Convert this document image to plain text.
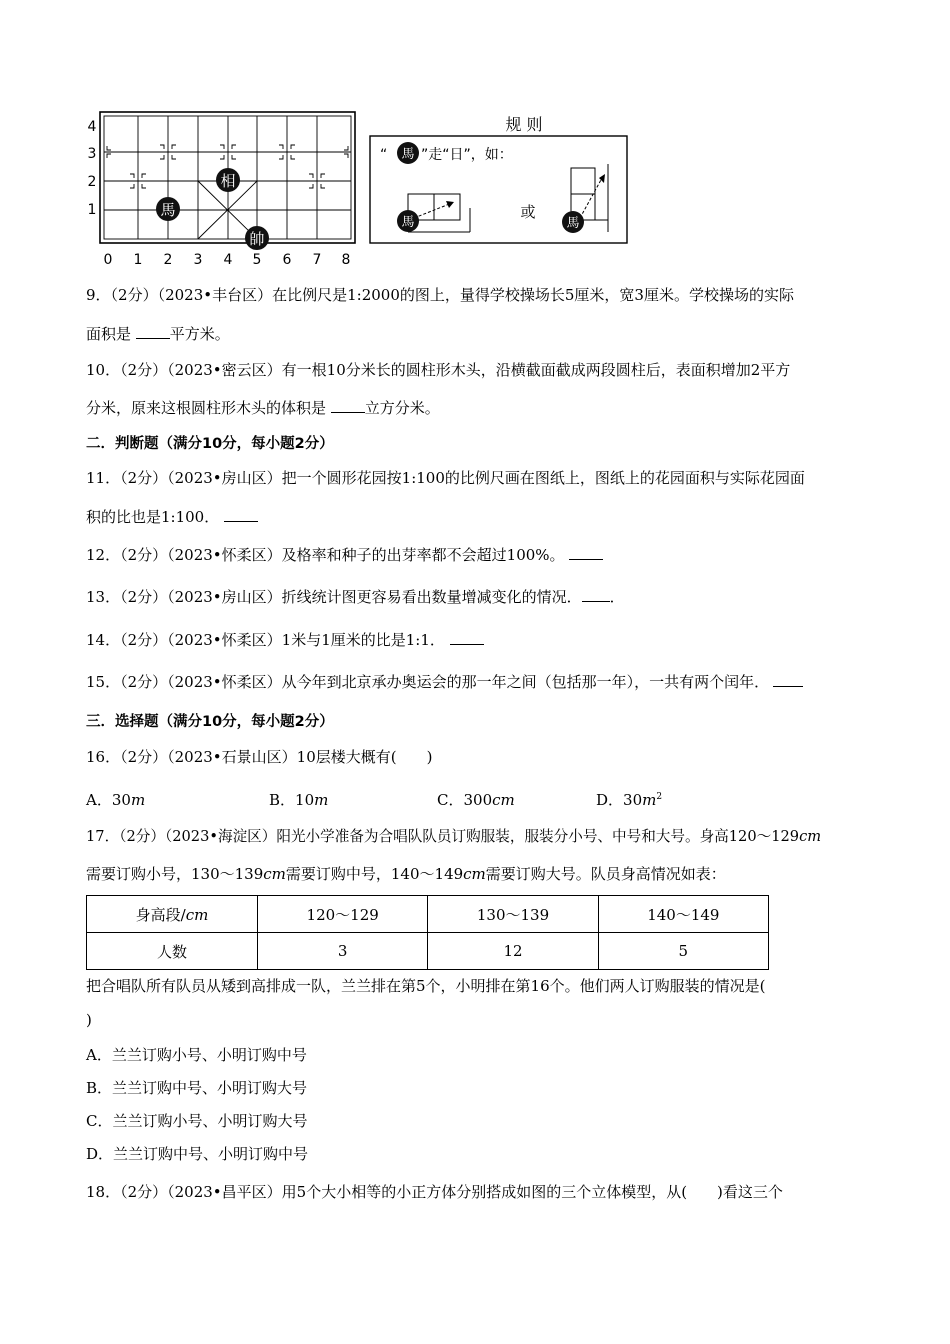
4
3
2
1	馬
相
帥
0 1 2 3 4 5 6 7 8
规 则
“ 馬 ”走“日”，如：
馬
或
馬
9．（2分）（2023•丰台区）在比例尺是1:2000的图上，量得学校操场长5厘米，宽3厘米。学校操场的实际
面积是 平方米。
10．（2分）（2023•密云区）有一根10分米长的圆柱形木头，沿横截面截成两段圆柱后，表面积增加2平方
分米，原来这根圆柱形木头的体积是 立方分米。
二．判断题（满分10分，每小题2分）
11．（2分）（2023•房山区）把一个圆形花园按1:100的比例尺画在图纸上，图纸上的花园面积与实际花园面
积的比也是1:100．
12．（2分）（2023•怀柔区）及格率和种子的出芽率都不会超过100%。
13．（2分）（2023•房山区）折线统计图更容易看出数量增减变化的情况． ．
14．（2分）（2023•怀柔区）1米与1厘米的比是1:1．
15．（2分）（2023•怀柔区）从今年到北京承办奥运会的那一年之间（包括那一年），一共有两个闰年．
三．选择题（满分10分，每小题2分）
16．（2分）（2023•石景山区）10层楼大概有(　　)
A．30m	B．10m	C．300cm	D．$30m^2$
17．（2分）（2023•海淀区）阳光小学准备为合唱队队员订购服装，服装分小号、中号和大号。身高120～129cm
需要订购小号，130～139cm需要订购中号，140～149cm需要订购大号。队员身高情况如表：
身高段/cm	120～129	130～139	140～149
人数	3	12	5
把合唱队所有队员从矮到高排成一队，兰兰排在第5个，小明排在第16个。他们两人订购服装的情况是(
)
A．兰兰订购小号、小明订购中号
B．兰兰订购中号、小明订购大号
C．兰兰订购小号、小明订购大号
D．兰兰订购中号、小明订购中号
18．（2分）（2023•昌平区）用5个大小相等的小正方体分别搭成如图的三个立体模型，从(　　)看这三个
